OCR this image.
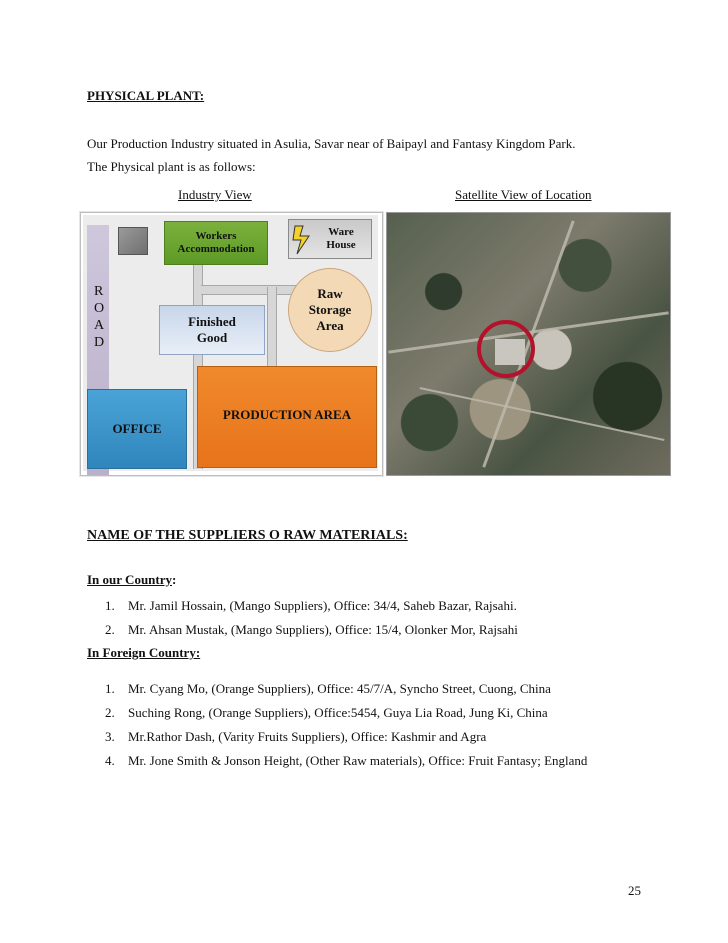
PHYSICAL PLANT:
Our Production Industry situated in Asulia, Savar near of Baipayl and Fantasy Kingdom Park.
The Physical plant is as follows:
Industry View	Satellite View of Location
Workers
Accommodation
Ware
House
Raw
Storage
Area
R
O
A
D
Finished
Good
OFFICE
PRODUCTION AREA
NAME OF THE SUPPLIERS O RAW MATERIALS:
In our Country:
1. Mr. Jamil Hossain, (Mango Suppliers), Office: 34/4, Saheb Bazar, Rajsahi.
2. Mr. Ahsan Mustak, (Mango Suppliers), Office: 15/4, Olonker Mor, Rajsahi
In Foreign Country:
1. Mr. Cyang Mo, (Orange Suppliers), Office: 45/7/A, Syncho Street, Cuong, China
2. Suching Rong, (Orange Suppliers), Office:5454, Guya Lia Road, Jung Ki, China
3. Mr.Rathor Dash, (Varity Fruits Suppliers), Office: Kashmir and Agra
4. Mr. Jone Smith & Jonson Height, (Other Raw materials), Office: Fruit Fantasy; England
25
